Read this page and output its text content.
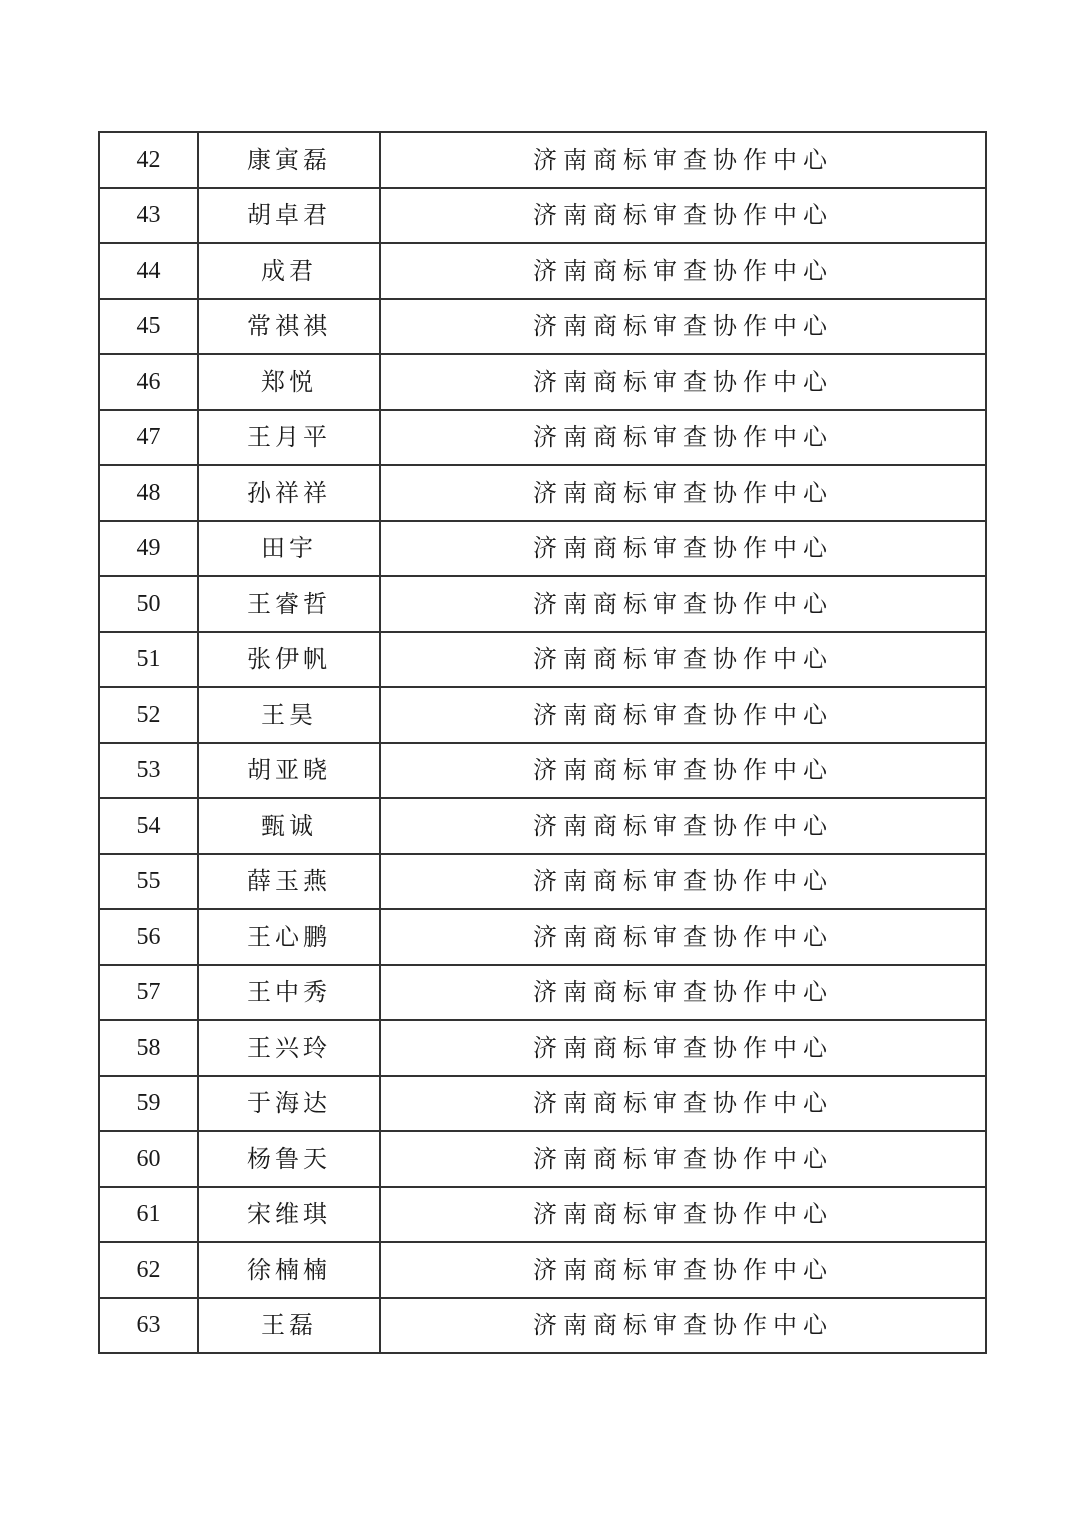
42	康寅磊	济南商标审查协作中心
43	胡卓君	济南商标审查协作中心
44	成君	济南商标审查协作中心
45	常祺祺	济南商标审查协作中心
46	郑悦	济南商标审查协作中心
47	王月平	济南商标审查协作中心
48	孙祥祥	济南商标审查协作中心
49	田宇	济南商标审查协作中心
50	王睿哲	济南商标审查协作中心
51	张伊帆	济南商标审查协作中心
52	王昊	济南商标审查协作中心
53	胡亚晓	济南商标审查协作中心
54	甄诚	济南商标审查协作中心
55	薛玉燕	济南商标审查协作中心
56	王心鹏	济南商标审查协作中心
57	王中秀	济南商标审查协作中心
58	王兴玲	济南商标审查协作中心
59	于海达	济南商标审查协作中心
60	杨鲁天	济南商标审查协作中心
61	宋维琪	济南商标审查协作中心
62	徐楠楠	济南商标审查协作中心
63	王磊	济南商标审查协作中心
